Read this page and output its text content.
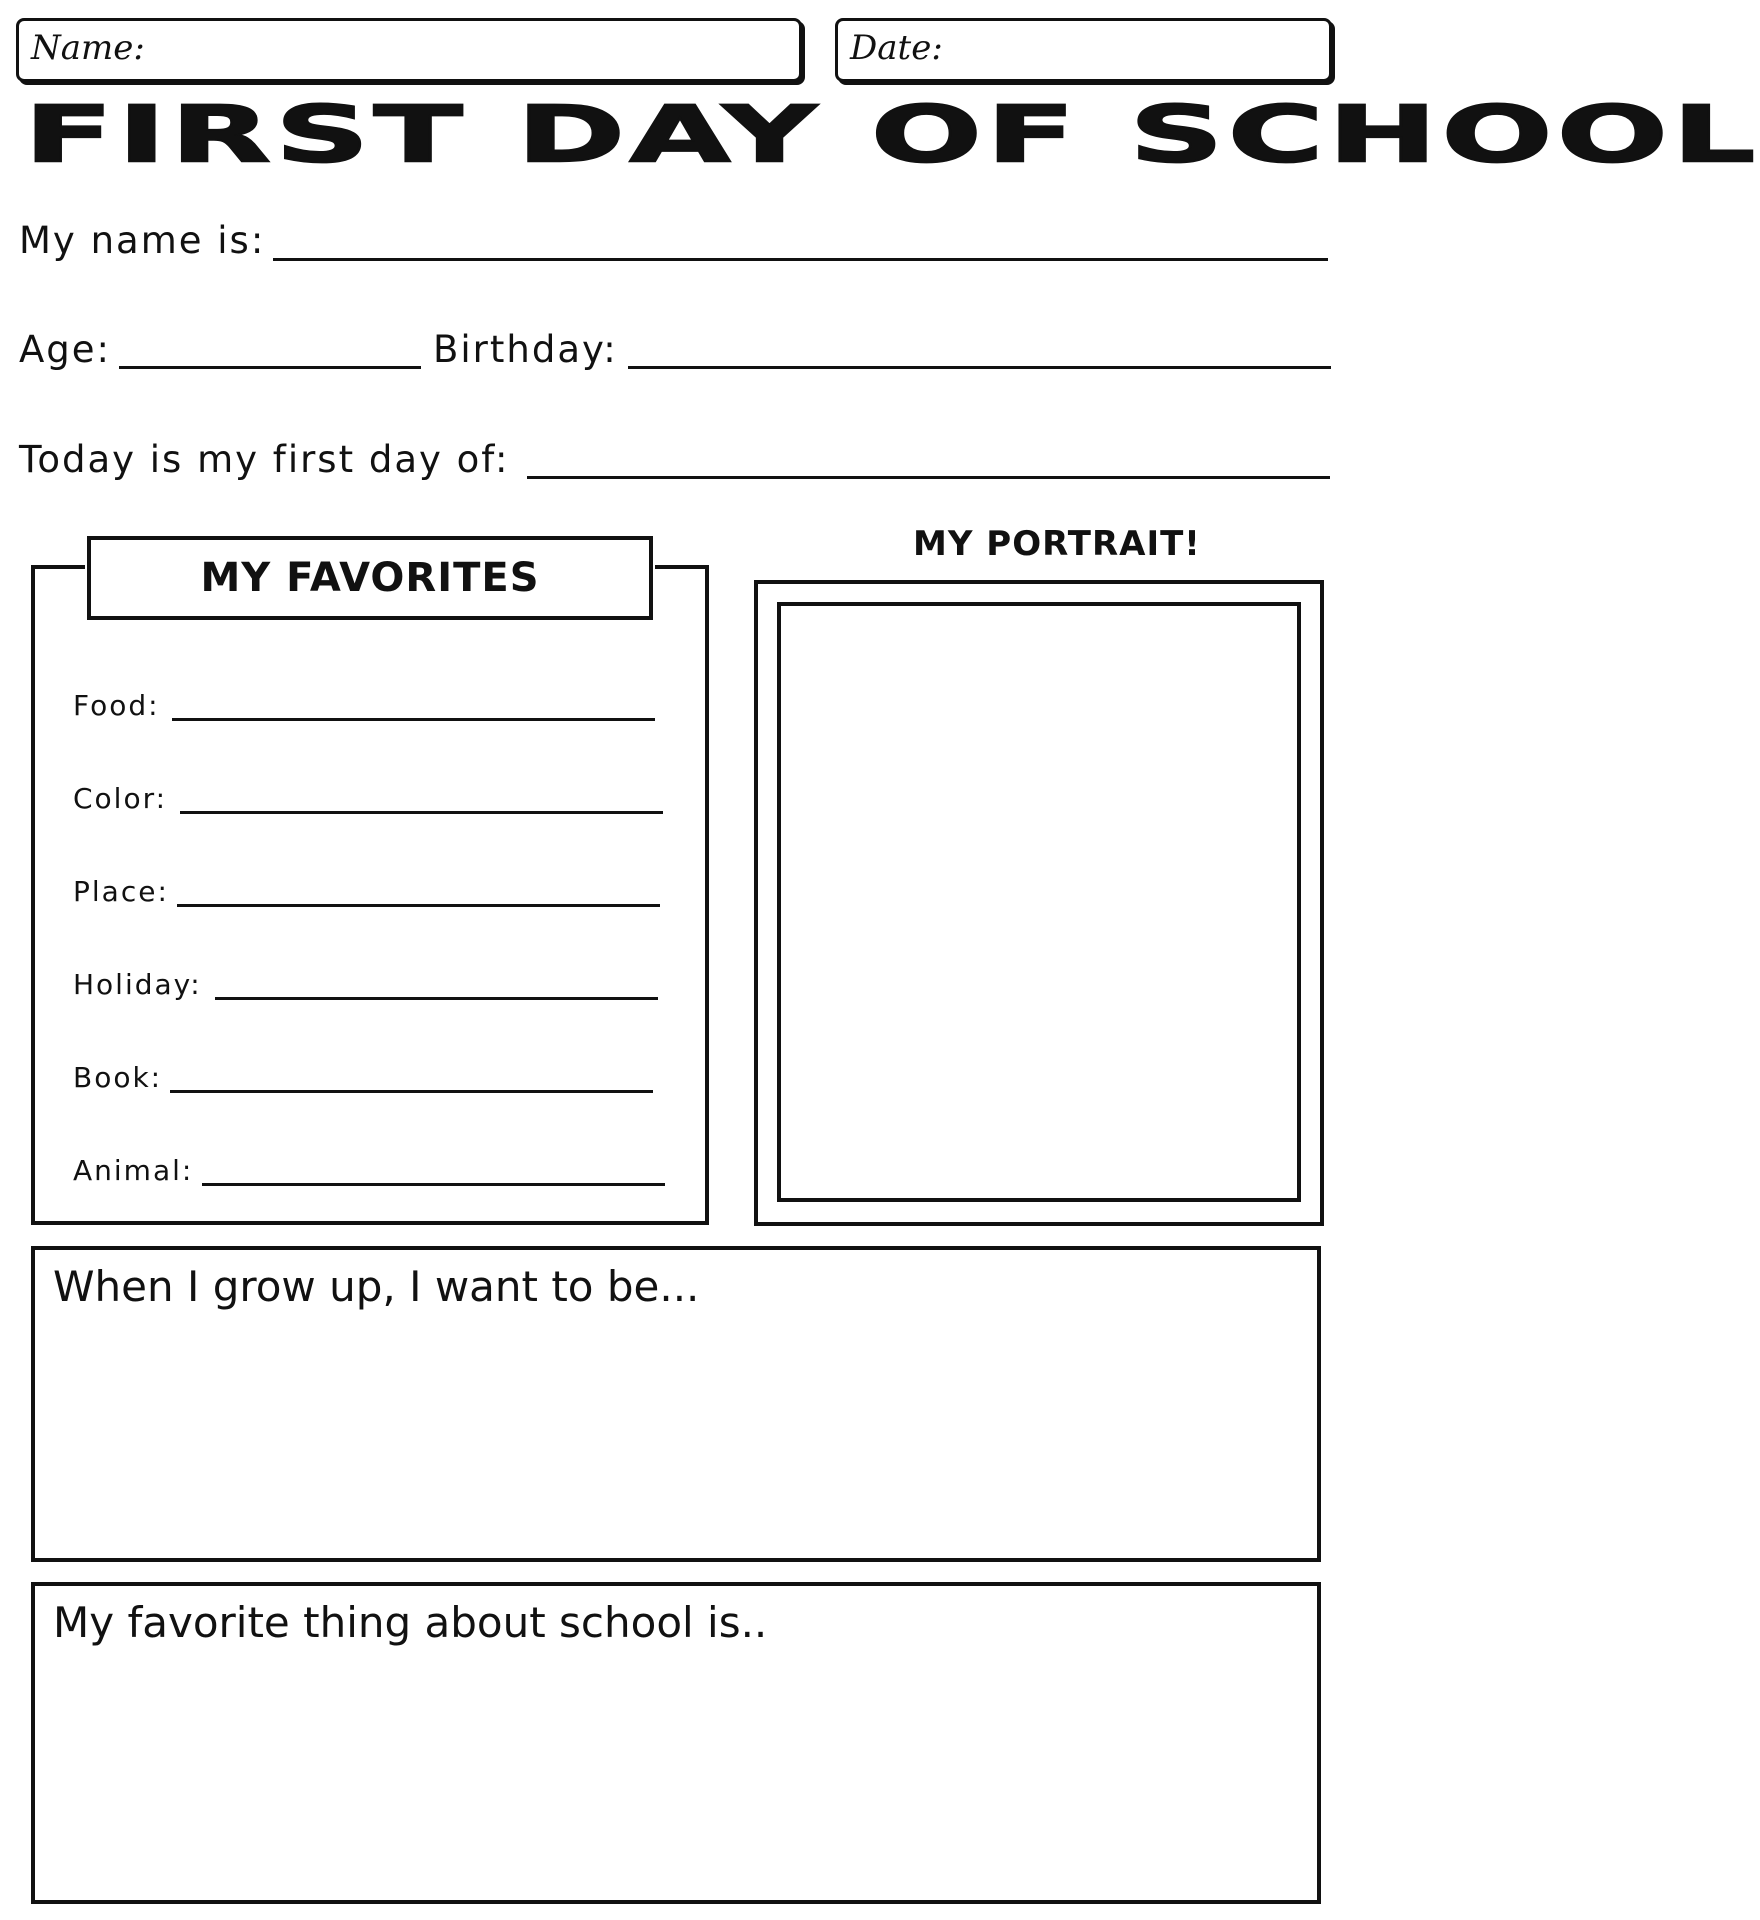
Name:	Date:
FIRST DAY OF SCHOOL
My name is:
Age:	Birthday:
Today is my first day of:
MY FAVORITES
Food:
Color:
Place:
Holiday:
Book:
Animal:
MY PORTRAIT!
When I grow up, I want to be...
My favorite thing about school is..
